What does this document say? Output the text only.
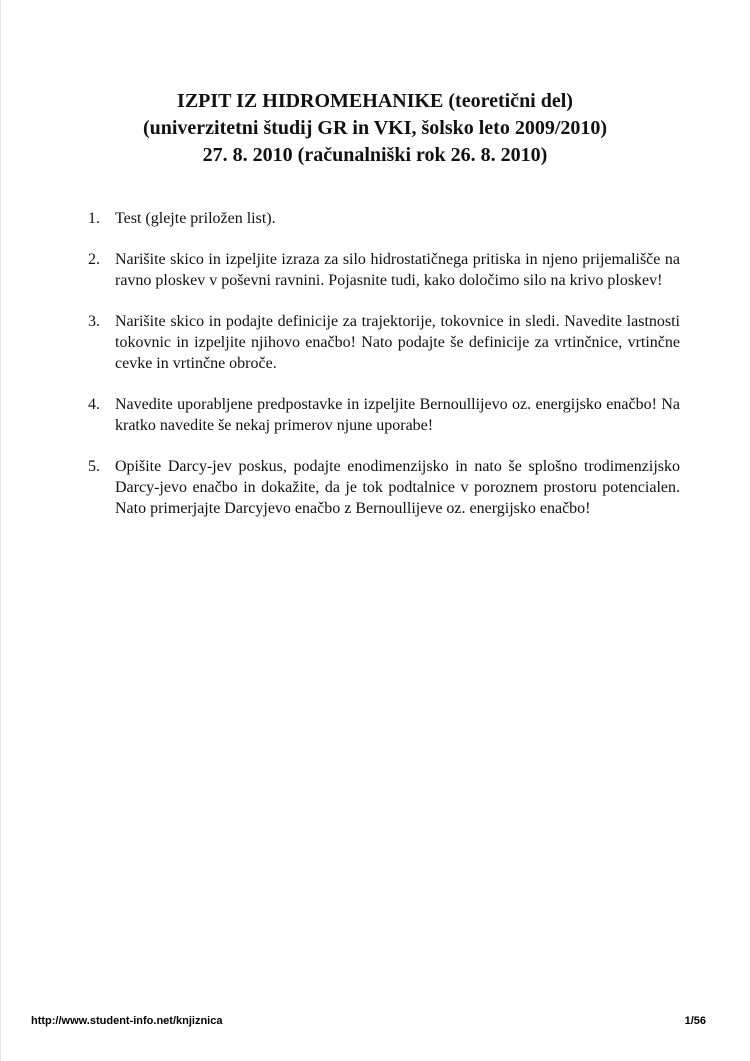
IZPIT IZ HIDROMEHANIKE (teoretični del)
(univerzitetni študij GR in VKI, šolsko leto 2009/2010)
27. 8. 2010 (računalniški rok 26. 8. 2010)
1. Test (glejte priložen list).
2. Narišite skico in izpeljite izraza za silo hidrostatičnega pritiska in njeno prijemališče na ravno ploskev v poševni ravnini. Pojasnite tudi, kako določimo silo na krivo ploskev!
3. Narišite skico in podajte definicije za trajektorije, tokovnice in sledi. Navedite lastnosti tokovnic in izpeljite njihovo enačbo! Nato podajte še definicije za vrtinčnice, vrtinčne cevke in vrtinčne obroče.
4. Navedite uporabljene predpostavke in izpeljite Bernoullijevo oz. energijsko enačbo! Na kratko navedite še nekaj primerov njune uporabe!
5. Opišite Darcy-jev poskus, podajte enodimenzijsko in nato še splošno trodimenzijsko Darcy-jevo enačbo in dokažite, da je tok podtalnice v poroznem prostoru potencialen. Nato primerjajte Darcyjevo enačbo z Bernoullijeve oz. energijsko enačbo!
http://www.student-info.net/knjiznica	1/56
